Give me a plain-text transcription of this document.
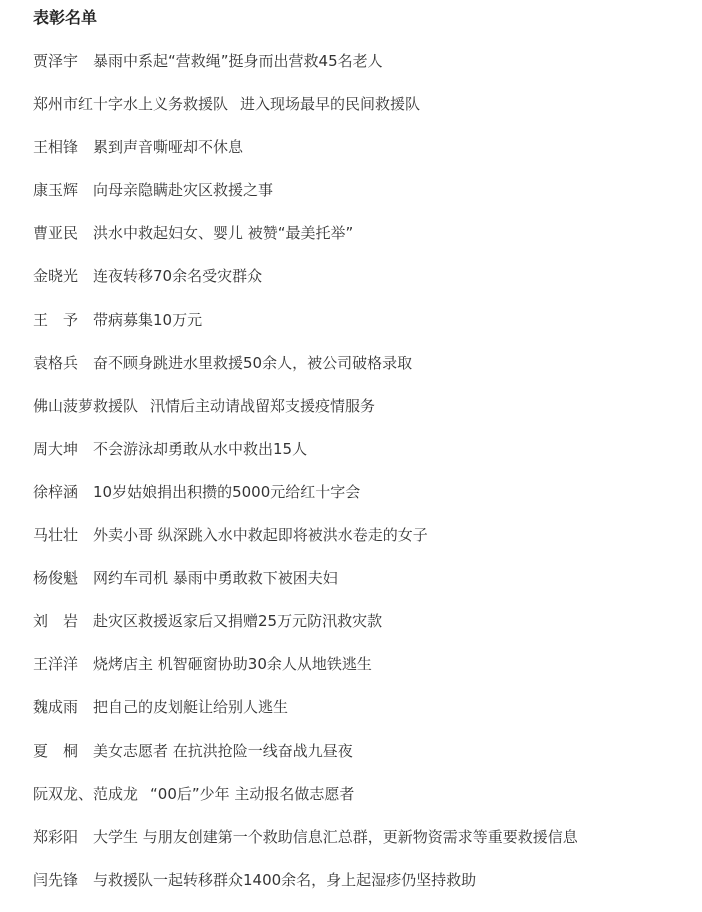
表彰名单
贾泽宇 暴雨中系起“营救绳”挺身而出营救45名老人
郑州市红十字水上义务救援队 进入现场最早的民间救援队
王相锋 累到声音嘶哑却不休息
康玉辉 向母亲隐瞒赴灾区救援之事
曹亚民 洪水中救起妇女、婴儿 被赞“最美托举”
金晓光 连夜转移70余名受灾群众
王　予 带病募集10万元
袁格兵 奋不顾身跳进水里救援50余人，被公司破格录取
佛山菠萝救援队 汛情后主动请战留郑支援疫情服务
周大坤 不会游泳却勇敢从水中救出15人
徐梓涵 10岁姑娘捐出积攒的5000元给红十字会
马壮壮 外卖小哥 纵深跳入水中救起即将被洪水卷走的女子
杨俊魁 网约车司机 暴雨中勇敢救下被困夫妇
刘　岩 赴灾区救援返家后又捐赠25万元防汛救灾款
王洋洋 烧烤店主 机智砸窗协助30余人从地铁逃生
魏成雨 把自己的皮划艇让给别人逃生
夏　桐 美女志愿者 在抗洪抢险一线奋战九昼夜
阮双龙、范成龙 “00后”少年 主动报名做志愿者
郑彩阳 大学生 与朋友创建第一个救助信息汇总群，更新物资需求等重要救援信息
闫先锋 与救援队一起转移群众1400余名，身上起湿疹仍坚持救助
